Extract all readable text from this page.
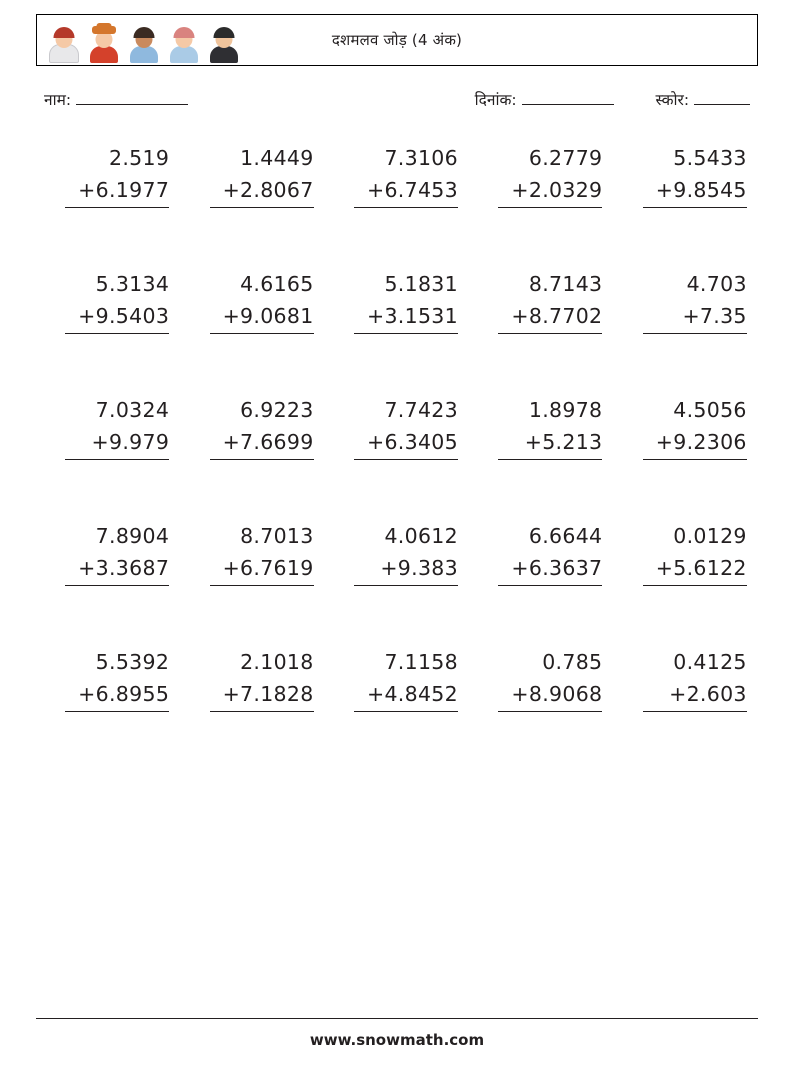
दशमलव जोड़ (4 अंक)
नाम:	दिनांक:	स्कोर:
2.519
+6.1977
1.4449
+2.8067
7.3106
+6.7453
6.2779
+2.0329
5.5433
+9.8545
5.3134
+9.5403
4.6165
+9.0681
5.1831
+3.1531
8.7143
+8.7702
4.703
+7.35
7.0324
+9.979
6.9223
+7.6699
7.7423
+6.3405
1.8978
+5.213
4.5056
+9.2306
7.8904
+3.3687
8.7013
+6.7619
4.0612
+9.383
6.6644
+6.3637
0.0129
+5.6122
5.5392
+6.8955
2.1018
+7.1828
7.1158
+4.8452
0.785
+8.9068
0.4125
+2.603
www.snowmath.com
